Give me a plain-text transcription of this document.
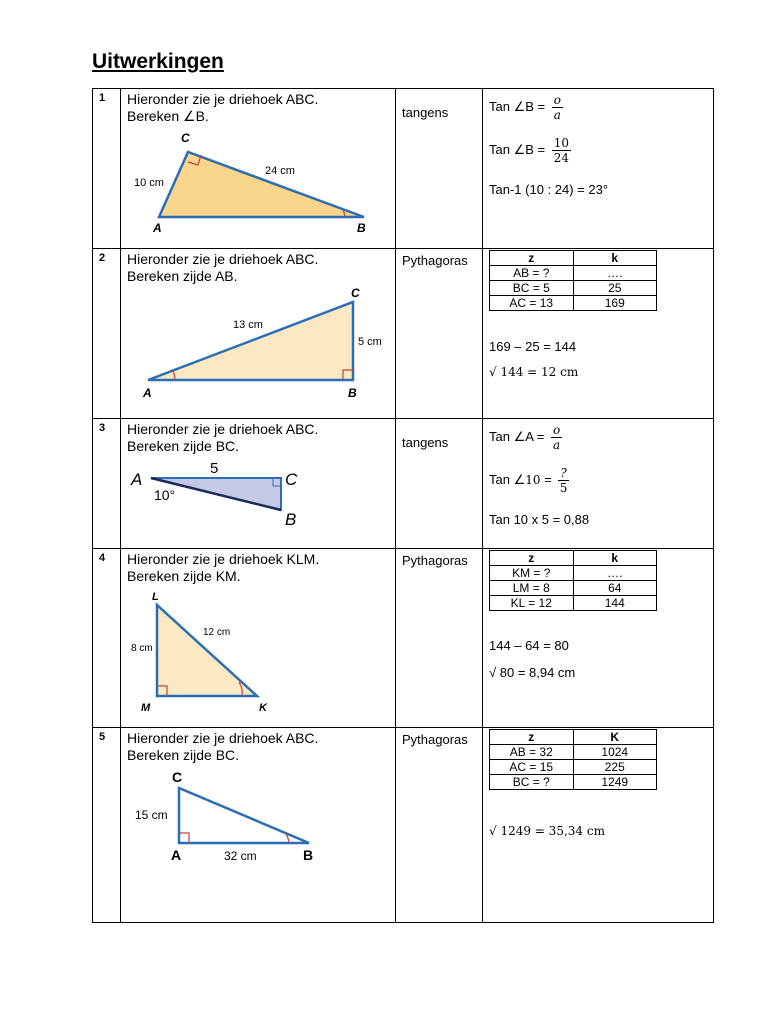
Uitwerkingen
1	Hieronder zie je driehoek ABC.
Bereken ∠B.
C
A	B
10 cm
24 cm

tangens	Tan ∠B = $\frac{o}{a}$
Tan ∠B = $\frac{10}{24}$
Tan-1 (10 : 24) = 23°

2	Hieronder zie je driehoek ABC.
Bereken zijde AB.
C
A	B
13 cm
5 cm

Pythagoras
		z	k
AB = ?	….
BC = 5	25
AC = 13	169
169 – 25 = 144
√ 144 = 12 cm

3	Hieronder zie je driehoek ABC.
Bereken zijde BC.
A	C
B
5
10°

tangens	Tan ∠A = $\frac{o}{a}$
Tan ∠10 = $\frac{?}{5}$
Tan 10 x 5 = 0,88

4	Hieronder zie je driehoek KLM.
Bereken zijde KM.
L
M	K
8 cm
12 cm

Pythagoras
		z	k
KM = ?	….
LM = 8	64
KL = 12	144
144 – 64 = 80
√ 80 = 8,94 cm

5	Hieronder zie je driehoek ABC.
Bereken zijde BC.
C
A	B
15 cm
32 cm

Pythagoras
		z	K
AB = 32	1024
AC = 15	225
BC = ?	1249
√ 1249 = 35,34 cm
